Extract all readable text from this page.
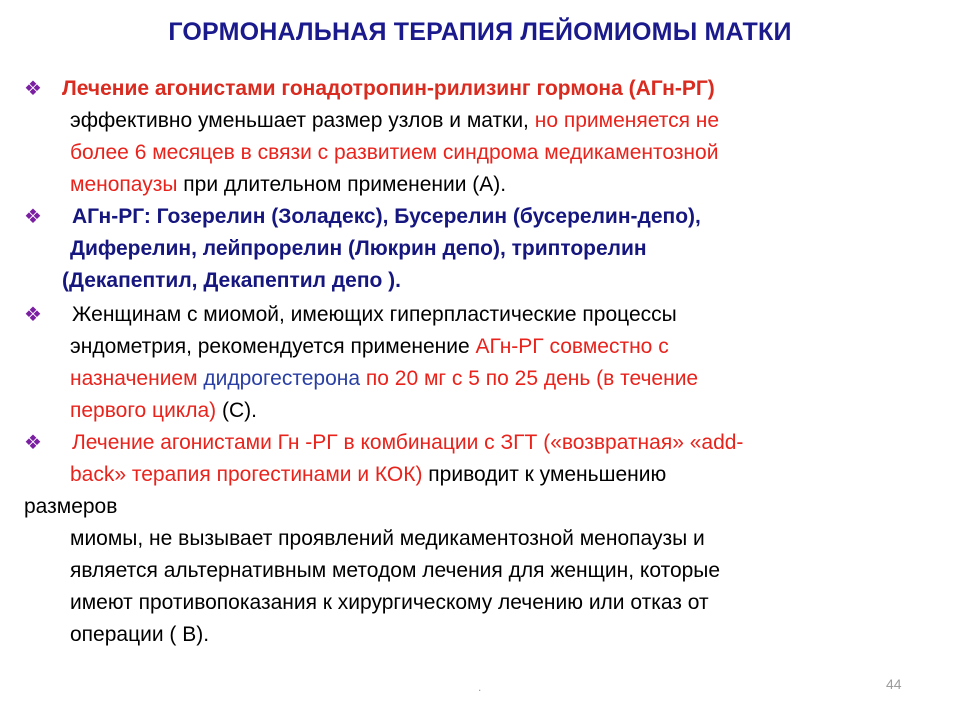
ГОРМОНАЛЬНАЯ ТЕРАПИЯ ЛЕЙОМИОМЫ МАТКИ
❖ Лечение агонистами гонадотропин-рилизинг гормона (АГн-РГ)
эффективно уменьшает размер узлов и матки, но применяется не
более 6 месяцев в связи с развитием синдрома медикаментозной
менопаузы при длительном применении (А).
❖ АГн-РГ: Гозерелин (Золадекс), Бусерелин (бусерелин-депо),
Диферелин, лейпрорелин (Люкрин депо), трипторелин
(Декапептил, Декапептил депо ).
❖ Женщинам с миомой, имеющих гиперпластические процессы
эндометрия, рекомендуется применение АГн-РГ совместно с
назначением дидрогестерона по 20 мг с 5 по 25 день (в течение
первого цикла) (С).
❖ Лечение агонистами Гн -РГ в комбинации с ЗГТ («возвратная» «add-
back» терапия прогестинами и КОК) приводит к уменьшению
размеров
миомы, не вызывает проявлений медикаментозной менопаузы и
является альтернативным методом лечения для женщин, которые
имеют противопоказания к хирургическому лечению или отказ от
операции ( В).
.	44
